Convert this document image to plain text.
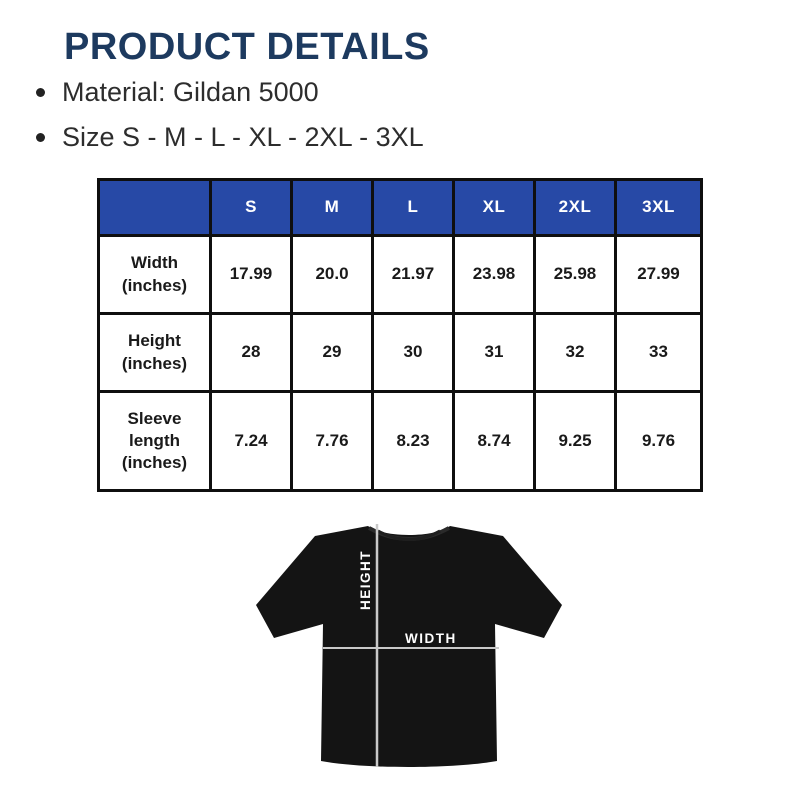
PRODUCT DETAILS
Material: Gildan 5000
Size S - M - L - XL - 2XL - 3XL
	S	M	L	XL	2XL	3XL
Width (inches)	17.99	20.0	21.97	23.98	25.98	27.99
Height (inches)	28	29	30	31	32	33
Sleeve length (inches)	7.24	7.76	8.23	8.74	9.25	9.76
HEIGHT
WIDTH
